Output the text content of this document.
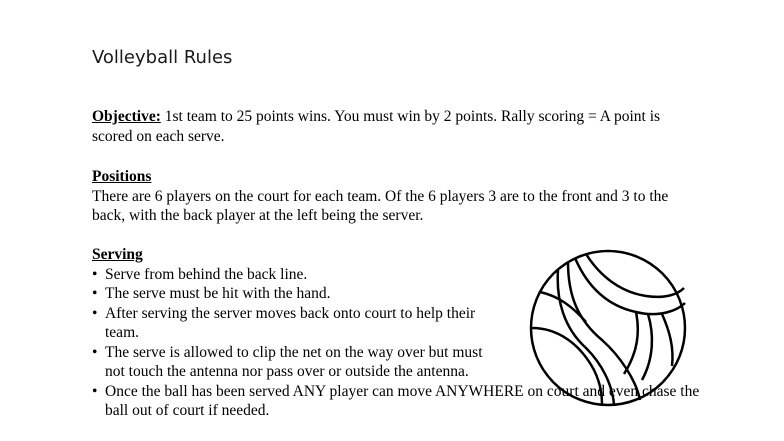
Volleyball Rules
Objective: 1st team to 25 points wins. You must win by 2 points. Rally scoring = A point is scored on each serve.
Positions
There are 6 players on the court for each team. Of the 6 players 3 are to the front and 3 to the back, with the back player at the left being the server.
Serving
• Serve from behind the back line.
• The serve must be hit with the hand.
• After serving the server moves back onto court to help their team.
• The serve is allowed to clip the net on the way over but must not touch the antenna nor pass over or outside the antenna.
• Once the ball has been served ANY player can move ANYWHERE on court and even chase the ball out of court if needed.
